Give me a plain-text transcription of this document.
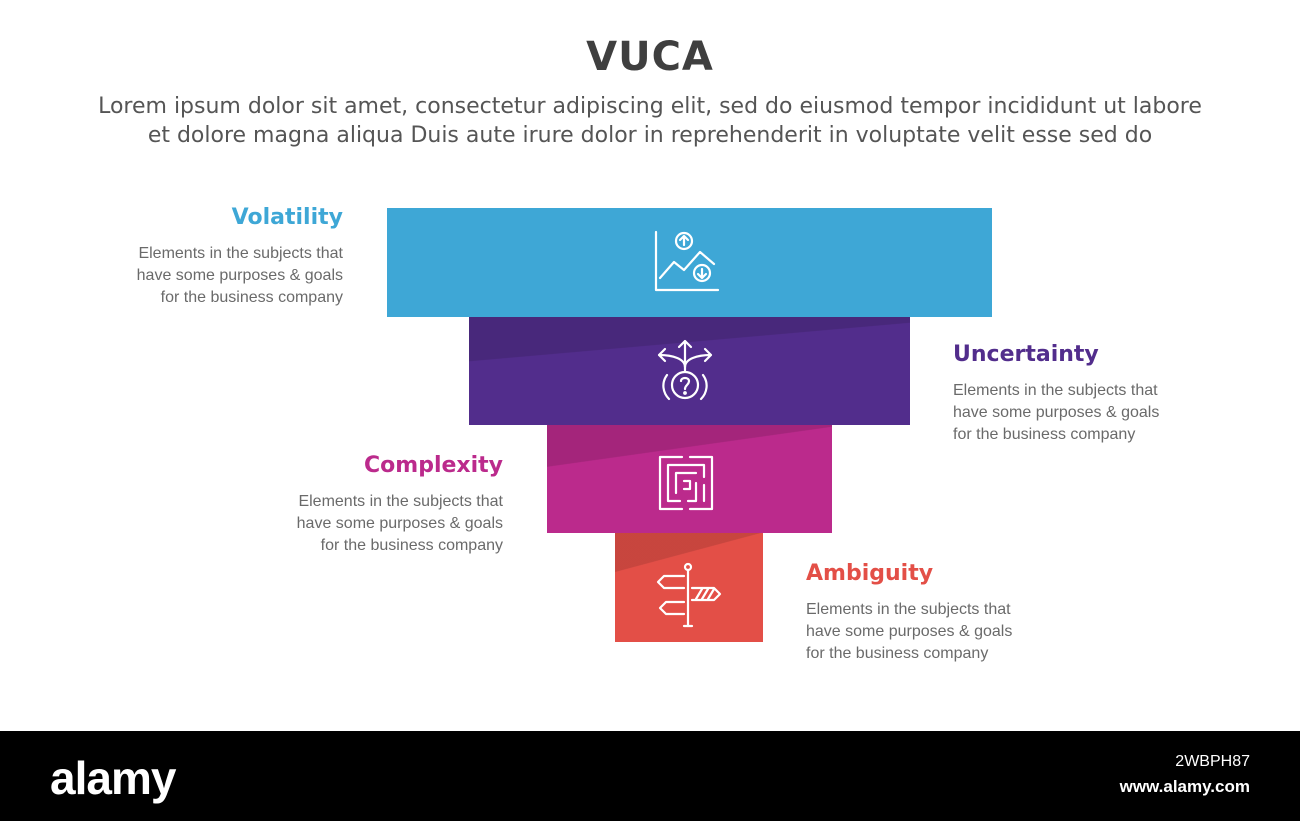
VUCA
Lorem ipsum dolor sit amet, consectetur adipiscing elit, sed do eiusmod tempor incididunt ut labore
et dolore magna aliqua Duis aute irure dolor in reprehenderit in voluptate velit esse sed do
Volatility
Elements in the subjects that
have some purposes & goals
for the business company
Uncertainty
Elements in the subjects that
have some purposes & goals
for the business company
Complexity
Elements in the subjects that
have some purposes & goals
for the business company
Ambiguity
Elements in the subjects that
have some purposes & goals
for the business company
alamy	2WBPH87
www.alamy.com
